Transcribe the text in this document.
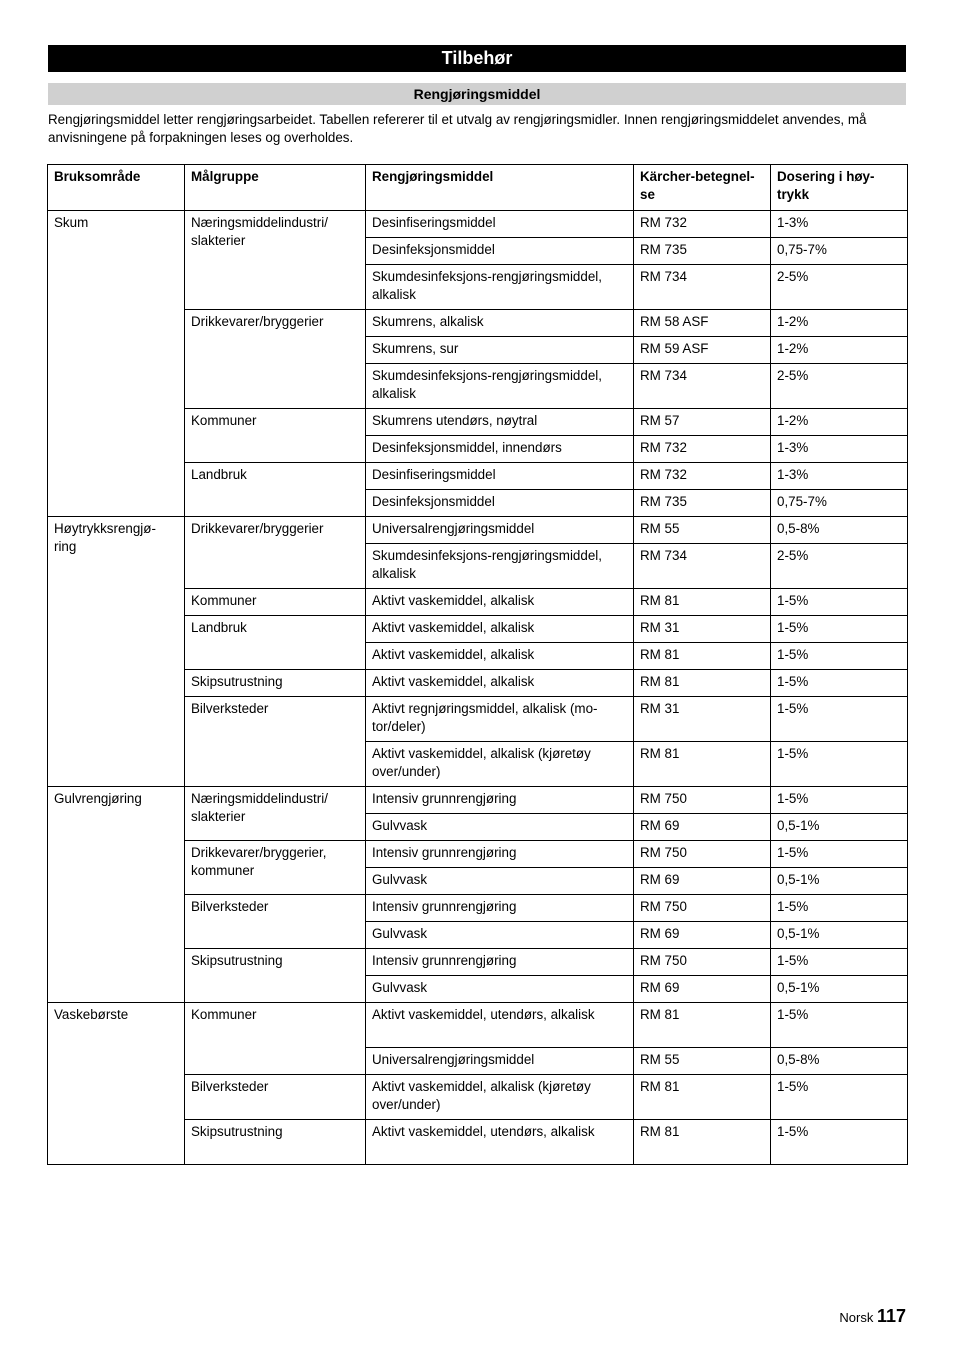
Tilbehør
Rengjøringsmiddel

Rengjøringsmiddel letter rengjøringsarbeidet. Tabellen refererer til et utvalg av rengjøringsmidler. Innen rengjøringsmiddelet anvendes, må anvisningene på forpakningen leses og overholdes.

Bruksområde	Målgruppe	Rengjøringsmiddel	Kärcher-betegnel-se	Dosering i høy-trykk
Skum	Næringsmiddelindustri/ slakterier	Desinfiseringsmiddel	RM 732	1-3%
		Desinfeksjonsmiddel	RM 735	0,75-7%
		Skumdesinfeksjons-rengjøringsmiddel, alkalisk	RM 734	2-5%
	Drikkevarer/bryggerier	Skumrens, alkalisk	RM 58 ASF	1-2%
		Skumrens, sur	RM 59 ASF	1-2%
		Skumdesinfeksjons-rengjøringsmiddel, alkalisk	RM 734	2-5%
	Kommuner	Skumrens utendørs, nøytral	RM 57	1-2%
		Desinfeksjonsmiddel, innendørs	RM 732	1-3%
	Landbruk	Desinfiseringsmiddel	RM 732	1-3%
		Desinfeksjonsmiddel	RM 735	0,75-7%
Høytrykksrengjø-ring	Drikkevarer/bryggerier	Universalrengjøringsmiddel	RM 55	0,5-8%
		Skumdesinfeksjons-rengjøringsmiddel, alkalisk	RM 734	2-5%
	Kommuner	Aktivt vaskemiddel, alkalisk	RM 81	1-5%
	Landbruk	Aktivt vaskemiddel, alkalisk	RM 31	1-5%
		Aktivt vaskemiddel, alkalisk	RM 81	1-5%
	Skipsutrustning	Aktivt vaskemiddel, alkalisk	RM 81	1-5%
	Bilverksteder	Aktivt regnjøringsmiddel, alkalisk (mo-tor/deler)	RM 31	1-5%
		Aktivt vaskemiddel, alkalisk (kjøretøy over/under)	RM 81	1-5%
Gulvrengjøring	Næringsmiddelindustri/ slakterier	Intensiv grunnrengjøring	RM 750	1-5%
		Gulvvask	RM 69	0,5-1%
	Drikkevarer/bryggerier, kommuner	Intensiv grunnrengjøring	RM 750	1-5%
		Gulvvask	RM 69	0,5-1%
	Bilverksteder	Intensiv grunnrengjøring	RM 750	1-5%
		Gulvvask	RM 69	0,5-1%
	Skipsutrustning	Intensiv grunnrengjøring	RM 750	1-5%
		Gulvvask	RM 69	0,5-1%
Vaskebørste	Kommuner	Aktivt vaskemiddel, utendørs, alkalisk	RM 81	1-5%
		Universalrengjøringsmiddel	RM 55	0,5-8%
	Bilverksteder	Aktivt vaskemiddel, alkalisk (kjøretøy over/under)	RM 81	1-5%
	Skipsutrustning	Aktivt vaskemiddel, utendørs, alkalisk	RM 81	1-5%
Norsk 117
